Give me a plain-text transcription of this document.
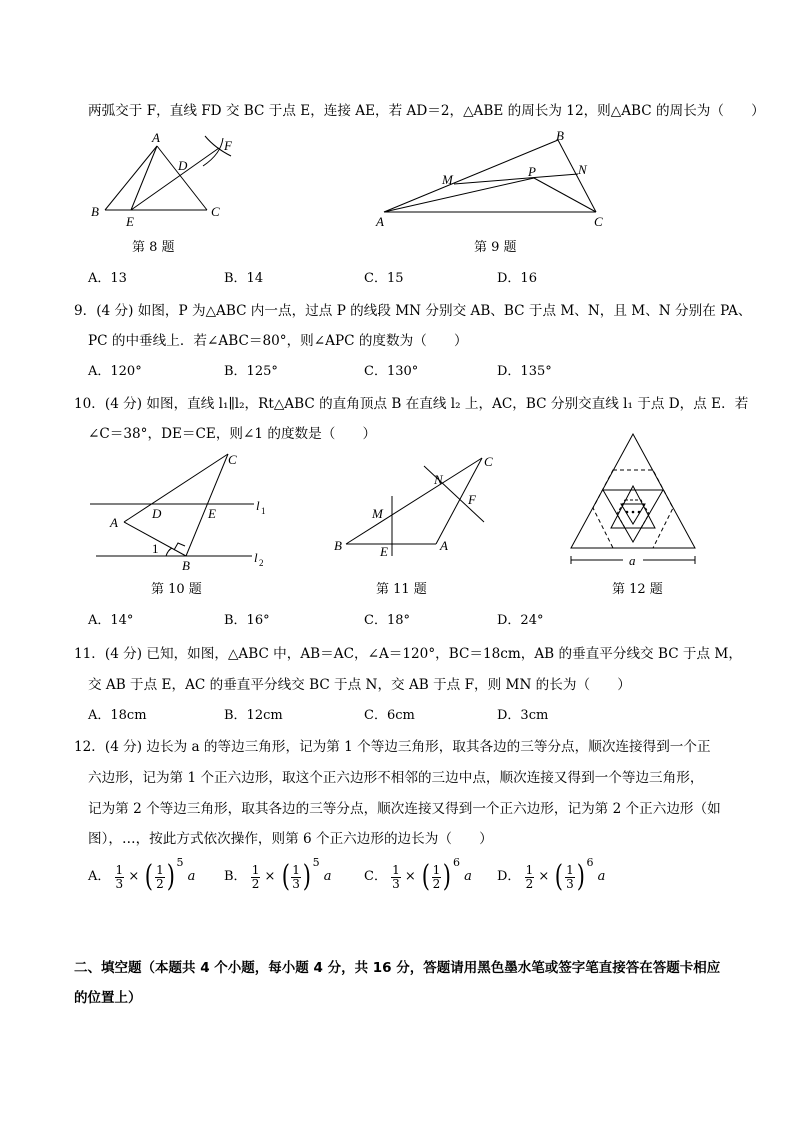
两弧交于 F，直线 FD 交 BC 于点 E，连接 AE，若 AD＝2，△ABE 的周长为 12，则△ABC 的周长为（　　）
A
B	C
D
E
F
第 8 题
A
B
C
M
N
P
第 9 题
A．13	B．14	C．15	D．16
9．(4 分) 如图，P 为△ABC 内一点，过点 P 的线段 MN 分别交 AB、BC 于点 M、N，且 M、N 分别在 PA、
PC 的中垂线上．若∠ABC＝80°，则∠APC 的度数为（　　）
A．120°	B．125°	C．130°	D．135°
10．(4 分) 如图，直线 l₁∥l₂，Rt△ABC 的直角顶点 B 在直线 l₂ 上，AC，BC 分别交直线 l₁ 于点 D，点 E．若
∠C＝38°，DE＝CE，则∠1 的度数是（　　）
A
B
C
D	E
1
l 1
l 2
第 10 题
B	A
C
E
M
N
F
第 11 题
a
第 12 题
A．14°	B．16°	C．18°	D．24°
11．(4 分) 已知，如图，△ABC 中，AB＝AC，∠A＝120°，BC＝18cm，AB 的垂直平分线交 BC 于点 M，
交 AB 于点 E，AC 的垂直平分线交 BC 于点 N，交 AB 于点 F，则 MN 的长为（　　）
A．18cm	B．12cm	C．6cm	D．3cm
12．(4 分) 边长为 a 的等边三角形，记为第 1 个等边三角形，取其各边的三等分点，顺次连接得到一个正
六边形，记为第 1 个正六边形，取这个正六边形不相邻的三边中点，顺次连接又得到一个等边三角形，
记为第 2 个等边三角形，取其各边的三等分点，顺次连接又得到一个正六边形，记为第 2 个正六边形（如
图），…，按此方式依次操作，则第 6 个正六边形的边长为（　　）
A． $\frac{1}{3}$ × ( $\frac{1}{2}$ ) 5 a B． $\frac{1}{2}$ × ( $\frac{1}{3}$ ) 5 a C． $\frac{1}{3}$ × ( $\frac{1}{2}$ ) 6 a D． $\frac{1}{2}$ × ( $\frac{1}{3}$ ) 6 a
二、填空题（本题共 4 个小题，每小题 4 分，共 16 分，答题请用黑色墨水笔或签字笔直接答在答题卡相应
的位置上）
